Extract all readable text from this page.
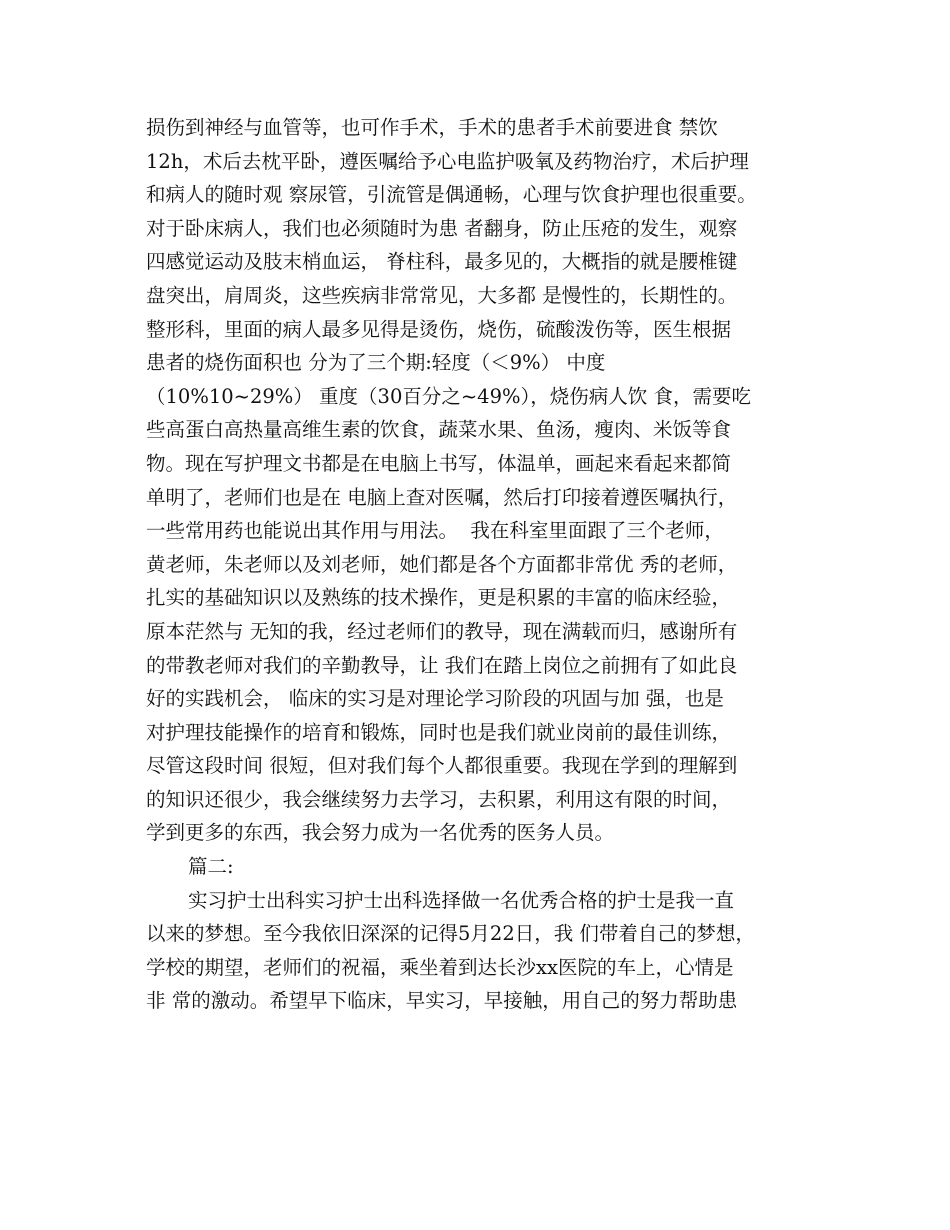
损伤到神经与血管等，也可作手术，手术的患者手术前要进食 禁饮
12h，术后去枕平卧，遵医嘱给予心电监护吸氧及药物治疗，术后护理
和病人的随时观 察尿管，引流管是偶通畅，心理与饮食护理也很重要。
对于卧床病人，我们也必须随时为患 者翻身，防止压疮的发生，观察
四感觉运动及肢末梢血运， 脊柱科，最多见的，大概指的就是腰椎键
盘突出，肩周炎，这些疾病非常常见，大多都 是慢性的，长期性的。
整形科，里面的病人最多见得是烫伤，烧伤，硫酸泼伤等，医生根据
患者的烧伤面积也 分为了三个期:轻度（＜9%） 中度
（10%10~29%） 重度（30百分之~49%），烧伤病人饮 食，需要吃
些高蛋白高热量高维生素的饮食，蔬菜水果、鱼汤，瘦肉、米饭等食
物。现在写护理文书都是在电脑上书写，体温单，画起来看起来都简
单明了，老师们也是在 电脑上查对医嘱，然后打印接着遵医嘱执行，
一些常用药也能说出其作用与用法。  我在科室里面跟了三个老师，
黄老师，朱老师以及刘老师，她们都是各个方面都非常优 秀的老师，
扎实的基础知识以及熟练的技术操作，更是积累的丰富的临床经验，
原本茫然与 无知的我，经过老师们的教导，现在满载而归，感谢所有
的带教老师对我们的辛勤教导，让 我们在踏上岗位之前拥有了如此良
好的实践机会， 临床的实习是对理论学习阶段的巩固与加 强，也是
对护理技能操作的培育和锻炼，同时也是我们就业岗前的最佳训练，
尽管这段时间 很短，但对我们每个人都很重要。我现在学到的理解到
的知识还很少，我会继续努力去学习，去积累，利用这有限的时间，
学到更多的东西，我会努力成为一名优秀的医务人员。
篇二:
实习护士出科实习护士出科选择做一名优秀合格的护士是我一直
以来的梦想。至今我依旧深深的记得5月22日，我 们带着自己的梦想，
学校的期望，老师们的祝福，乘坐着到达长沙xx医院的车上，心情是
非 常的激动。希望早下临床，早实习，早接触，用自己的努力帮助患
